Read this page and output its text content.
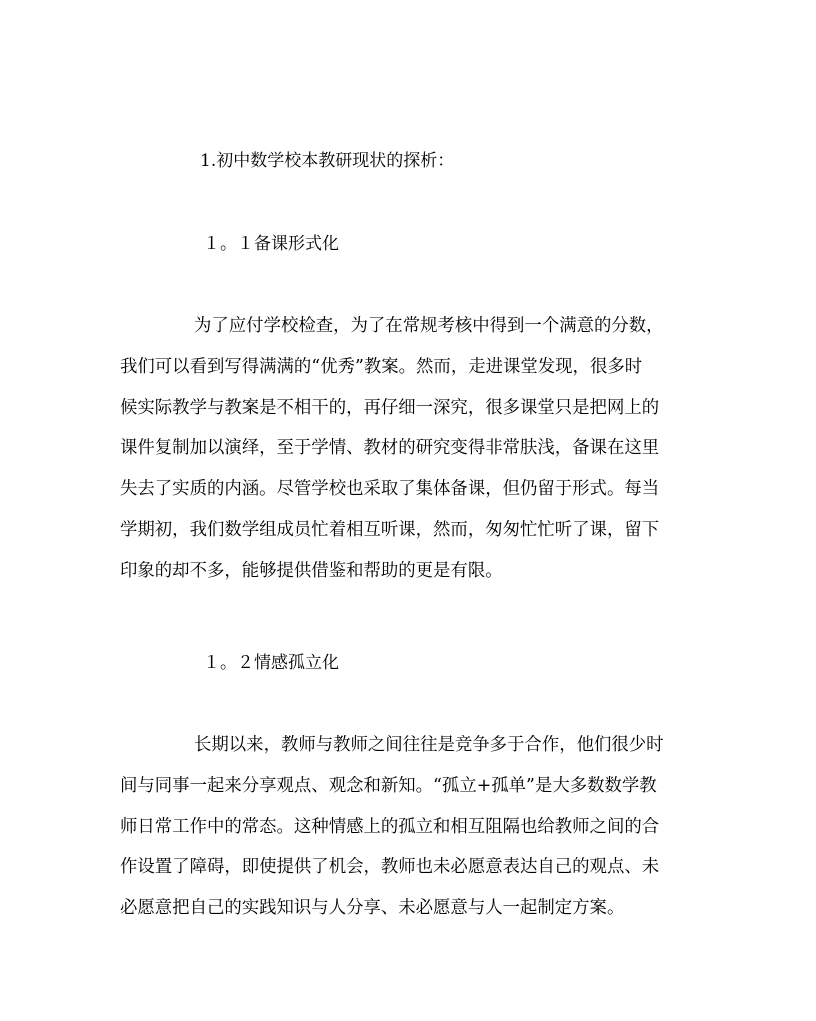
1.初中数学校本教研现状的探析：
１。１备课形式化
为了应付学校检查，为了在常规考核中得到一个满意的分数，
我们可以看到写得满满的“优秀”教案。然而，走进课堂发现，很多时
候实际教学与教案是不相干的，再仔细一深究，很多课堂只是把网上的
课件复制加以演绎，至于学情、教材的研究变得非常肤浅，备课在这里
失去了实质的内涵。尽管学校也采取了集体备课，但仍留于形式。每当
学期初，我们数学组成员忙着相互听课，然而，匆匆忙忙听了课，留下
印象的却不多，能够提供借鉴和帮助的更是有限。
１。２情感孤立化
长期以来，教师与教师之间往往是竞争多于合作，他们很少时
间与同事一起来分享观点、观念和新知。“孤立+孤单”是大多数数学教
师日常工作中的常态。这种情感上的孤立和相互阻隔也给教师之间的合
作设置了障碍，即使提供了机会，教师也未必愿意表达自己的观点、未
必愿意把自己的实践知识与人分享、未必愿意与人一起制定方案。
